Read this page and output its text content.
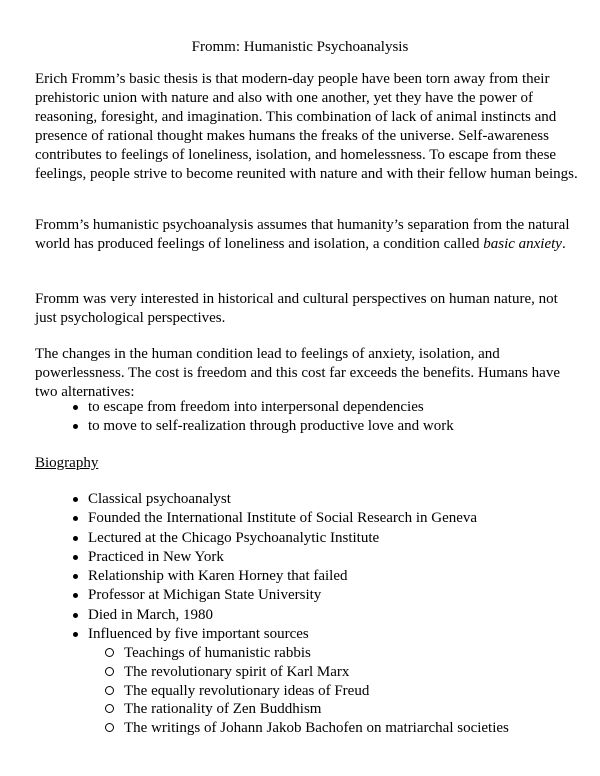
Fromm: Humanistic Psychoanalysis

Erich Fromm’s basic thesis is that modern-day people have been torn away from their prehistoric union with nature and also with one another, yet they have the power of reasoning, foresight, and imagination. This combination of lack of animal instincts and presence of rational thought makes humans the freaks of the universe. Self-awareness contributes to feelings of loneliness, isolation, and homelessness. To escape from these feelings, people strive to become reunited with nature and with their fellow human beings.

Fromm’s humanistic psychoanalysis assumes that humanity’s separation from the natural world has produced feelings of loneliness and isolation, a condition called basic anxiety.

Fromm was very interested in historical and cultural perspectives on human nature, not just psychological perspectives.

The changes in the human condition lead to feelings of anxiety, isolation, and powerlessness. The cost is freedom and this cost far exceeds the benefits. Humans have two alternatives:

to escape from freedom into interpersonal dependencies
to move to self-realization through productive love and work
Biography
Classical psychoanalyst
Founded the International Institute of Social Research in Geneva
Lectured at the Chicago Psychoanalytic Institute
Practiced in New York
Relationship with Karen Horney that failed
Professor at Michigan State University
Died in March, 1980
Influenced by five important sources
Teachings of humanistic rabbis
The revolutionary spirit of Karl Marx
The equally revolutionary ideas of Freud
The rationality of Zen Buddhism
The writings of Johann Jakob Bachofen on matriarchal societies
